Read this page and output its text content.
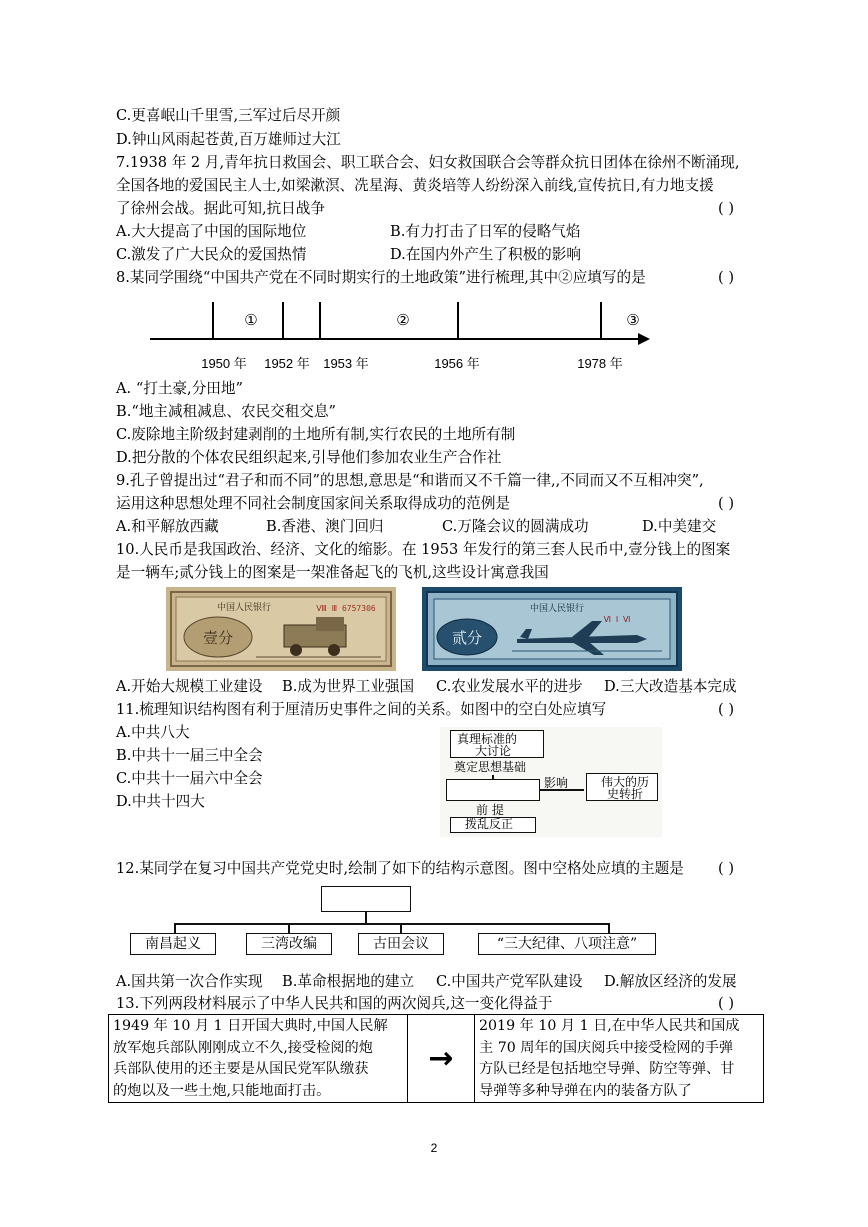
C.更喜岷山千里雪,三军过后尽开颜
D.钟山风雨起苍黄,百万雄师过大江
7.1938 年 2 月,青年抗日救国会、职工联合会、妇女救国联合会等群众抗日团体在徐州不断涌现,
全国各地的爱国民主人士,如梁漱溟、冼星海、黄炎培等人纷纷深入前线,宣传抗日,有力地支援
了徐州会战。据此可知,抗日战争	( )
A.大大提高了中国的国际地位	B.有力打击了日军的侵略气焰
C.激发了广大民众的爱国热情	D.在国内外产生了积极的影响
8.某同学围绕“中国共产党在不同时期实行的土地政策”进行梳理,其中②应填写的是	( )
①	②	③
1950 年 1952 年 1953 年	1956 年	1978 年
A. “打土豪,分田地”
B.“地主减租减息、农民交租交息”
C.废除地主阶级封建剥削的土地所有制,实行农民的土地所有制
D.把分散的个体农民组织起来,引导他们参加农业生产合作社
9.孔子曾提出过“君子和而不同”的思想,意思是“和谐而又不千篇一律,,不同而又不互相冲突”,
运用这种思想处理不同社会制度国家间关系取得成功的范例是	( )
A.和平解放西藏	B.香港、澳门回归	C.万隆会议的圆满成功	D.中美建交
10.人民币是我国政治、经济、文化的缩影。在 1953 年发行的第三套人民币中,壹分钱上的图案
是一辆车;贰分钱上的图案是一架准备起飞的飞机,这些设计寓意我国
中国人民银行	Ⅷ Ⅲ 6757306
壹分
中国人民银行
Ⅵ Ⅰ Ⅵ
贰分
A.开始大规模工业建设 B.成为世界工业强国 C.农业发展水平的进步 D.三大改造基本完成
11.梳理知识结构图有利于厘清历史事件之间的关系。如图中的空白处应填写	( )
A.中共八大
B.中共十一届三中全会
C.中共十一届六中全会
D.中共十四大
真理标准的
大讨论
奠定思想基础
影响	伟大的历
史转折
前 提
拨乱反正
12.某同学在复习中国共产党党史时,绘制了如下的结构示意图。图中空格处应填的主题是 ( )
南昌起义	三湾改编	古田会议	“三大纪律、八项注意”
A.国共第一次合作实现 B.革命根据地的建立 C.中国共产党军队建设 D.解放区经济的发展
13.下列两段材料展示了中华人民共和国的两次阅兵,这一变化得益于	( )
1949 年 10 月 1 日开国大典时,中国人民解
放军炮兵部队刚刚成立不久,接受检阅的炮
兵部队使用的还主要是从国民党军队缴获
的炮以及一些土炮,只能地面打击。
	→	
2019 年 10 月 1 日,在中华人民共和国成
主 70 周年的国庆阅兵中接受检网的手弹
方队已经是包括地空导弹、防空等弹、甘
导弹等多种导弹在内的装备方队了
2
